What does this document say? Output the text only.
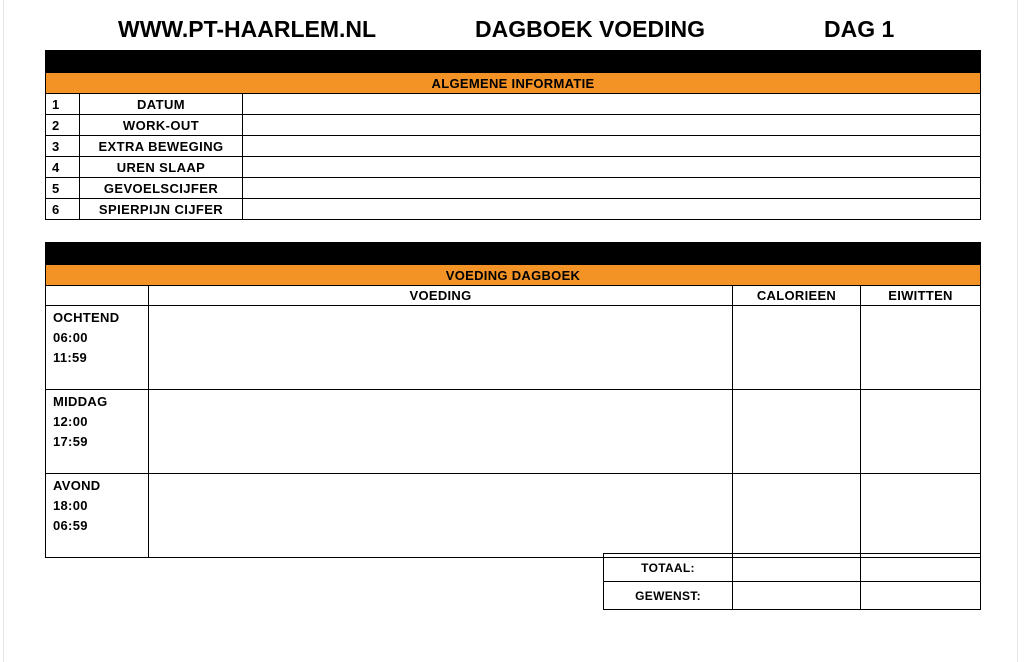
WWW.PT-HAARLEM.NL	DAGBOEK VOEDING	DAG 1

ALGEMENE INFORMATIE		
1	DATUM	
2	WORK-OUT	
3	EXTRA BEWEGING	
4	UREN SLAAP	
5	GEVOELSCIJFER	
6	SPIERPIJN CIJFER	

VOEDING DAGBOEK			
	VOEDING	CALORIEEN	EIWITTEN

OCHTEND
06:00
11:59			

MIDDAG
12:00
17:59			

AVOND
18:00
06:59			

TOTAAL:		
GEWENST:		
